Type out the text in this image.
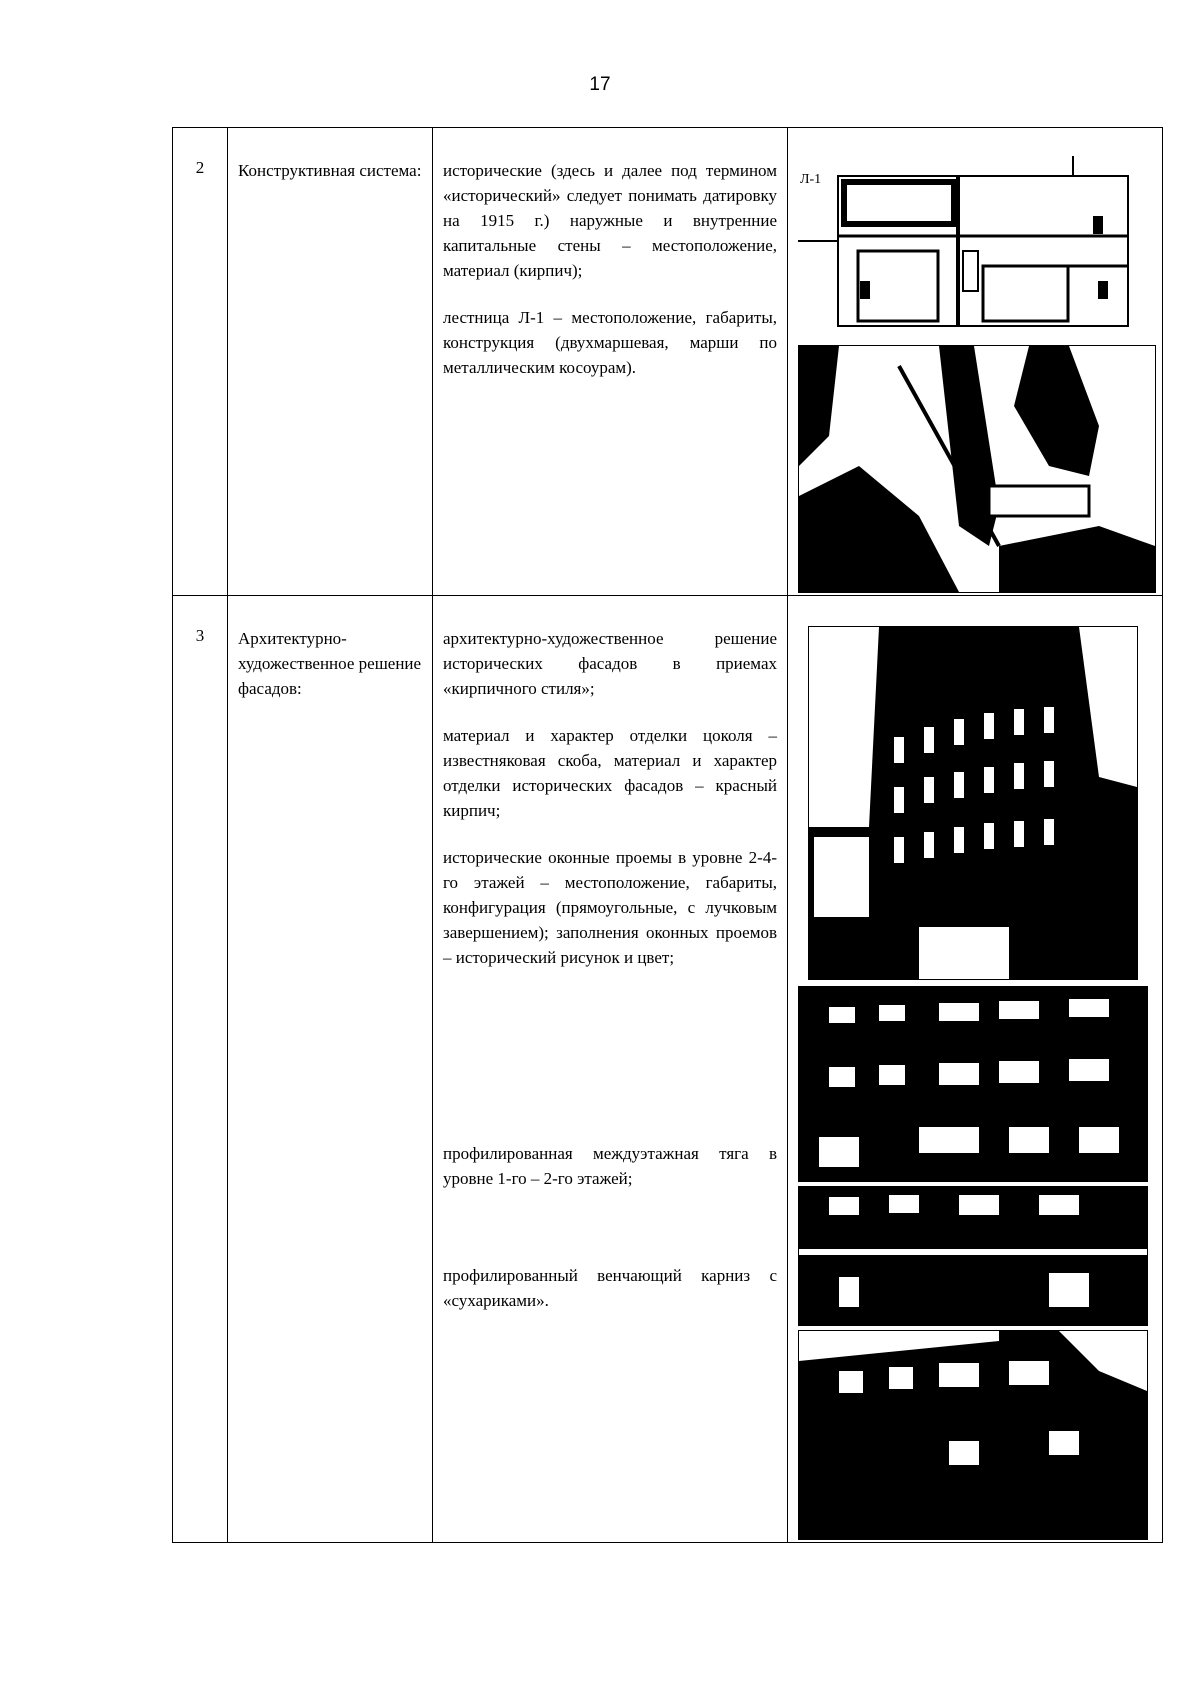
17
2	Конструктивная система:	исторические (здесь и далее под термином «исторический» следует понимать датировку на 1915 г.) наружные и внутренние капитальные стены – местоположение, материал (кирпич);

лестница Л-1 – местоположение, габариты, конструкция (двухмаршевая, марши по металлическим косоурам).	Л-1

3	Архитектурно-художественное решение фасадов:	архитектурно-художественное решение исторических фасадов в приемах «кирпичного стиля»;

материал и характер отделки цоколя – известняковая скоба, материал и характер отделки исторических фасадов – красный кирпич;

исторические оконные проемы в уровне 2-4-го этажей – местоположение, габариты, конфигурация (прямоугольные, с лучковым завершением); заполнения оконных проемов – исторический рисунок и цвет;

профилированная междуэтажная тяга в уровне 1-го – 2-го этажей;

профилированный венчающий карниз с «сухариками».
